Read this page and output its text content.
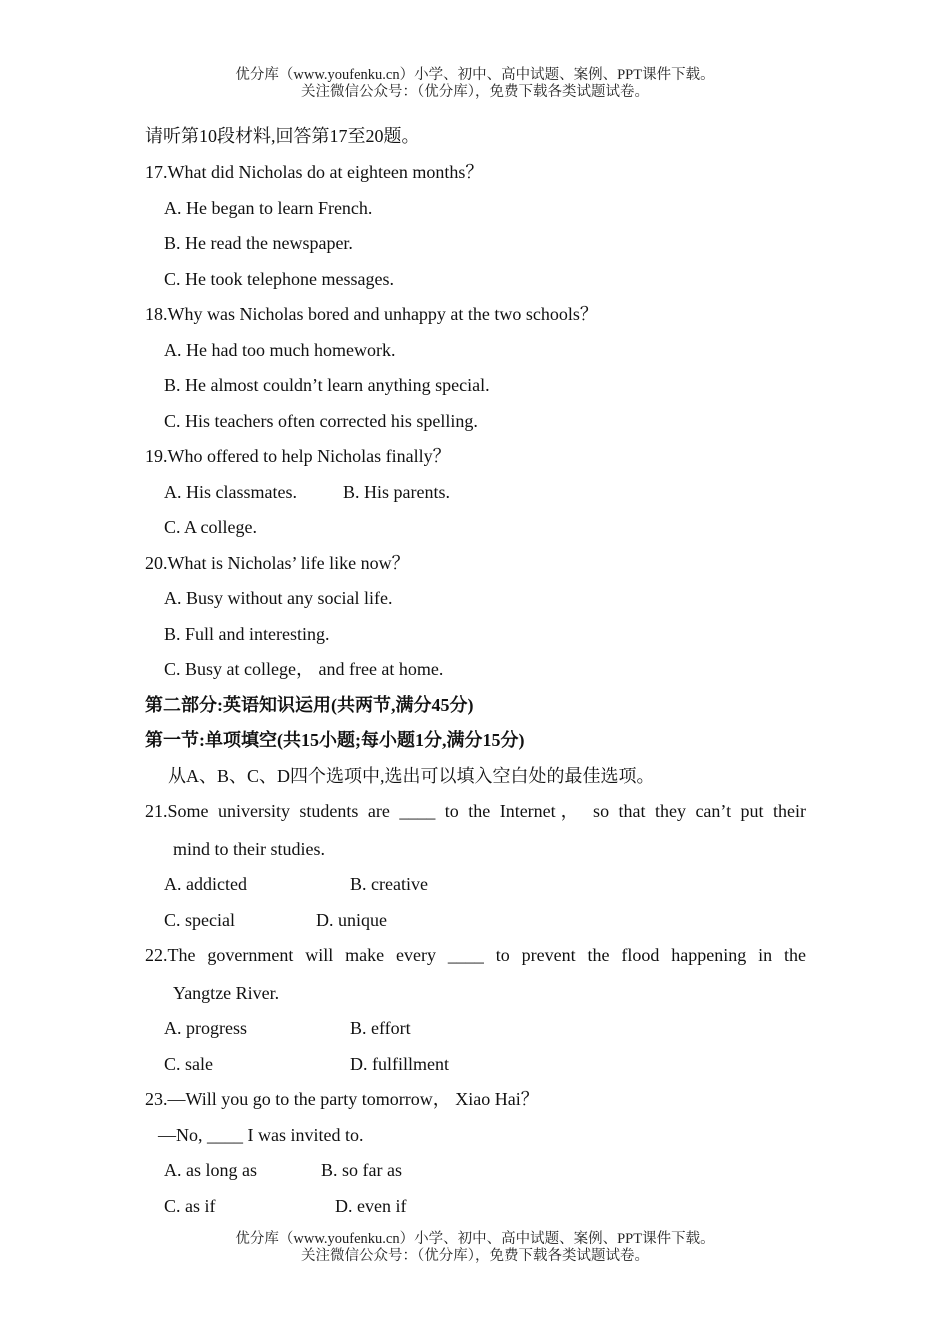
优分库（www.youfenku.cn）小学、初中、高中试题、案例、PPT课件下载。
关注微信公众号：（优分库），免费下载各类试题试卷。
请听第10段材料,回答第17至20题。
17.What did Nicholas do at eighteen months？
A. He began to learn French.
B. He read the newspaper.
C. He took telephone messages.
18.Why was Nicholas bored and unhappy at the two schools？
A. He had too much homework.
B. He almost couldn’t learn anything special.
C. His teachers often corrected his spelling.
19.Who offered to help Nicholas finally？
A. His classmates.	B. His parents.
C. A college.
20.What is Nicholas’ life like now？
A. Busy without any social life.
B. Full and interesting.
C. Busy at college， and free at home.
第二部分:英语知识运用(共两节,满分45分)
第一节:单项填空(共15小题;每小题1分,满分15分)
从A、B、C、D四个选项中,选出可以填入空白处的最佳选项。
21.Some university students are ____ to the Internet， so that they can’t put their
mind to their studies.
A. addicted	B. creative
C. special	D. unique
22.The government will make every ____ to prevent the flood happening in the
Yangtze River.
A. progress	B. effort
C. sale	D. fulfillment
23.—Will you go to the party tomorrow， Xiao Hai？
—No, ____ I was invited to.
A. as long as	B. so far as
C. as if	D. even if
优分库（www.youfenku.cn）小学、初中、高中试题、案例、PPT课件下载。
关注微信公众号：（优分库），免费下载各类试题试卷。
